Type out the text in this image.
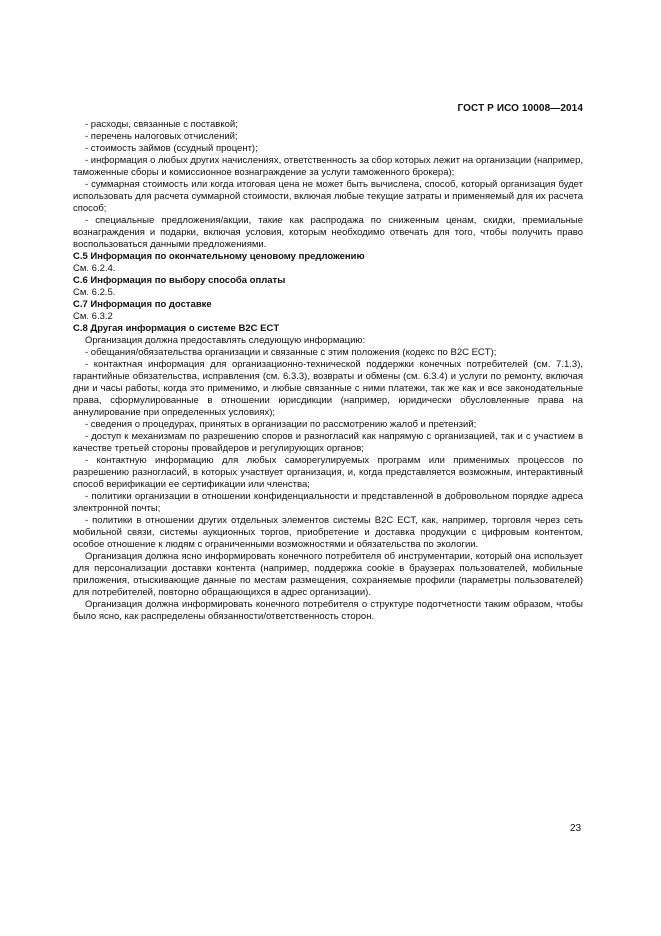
ГОСТ Р ИСО 10008—2014

- расходы, связанные с поставкой;

- перечень налоговых отчислений;

- стоимость займов (ссудный процент);

- информация о любых других начислениях, ответственность за сбор которых лежит на организации (например, таможенные сборы и комиссионное вознаграждение за услуги таможенного брокера);

- суммарная стоимость или когда итоговая цена не может быть вычислена, способ, который организация будет использовать для расчета суммарной стоимости, включая любые текущие затраты и применяемый для их расчета способ;

- специальные предложения/акции, такие как распродажа по сниженным ценам, скидки, премиальные вознаграждения и подарки, включая условия, которым необходимо отвечать для того, чтобы получить право воспользоваться данными предложениями.

С.5 Информация по окончательному ценовому предложению

См. 6.2.4.

С.6 Информация по выбору способа оплаты

См. 6.2.5.

С.7 Информация по доставке

См. 6.3.2

С.8 Другая информация о системе B2C ECT

Организация должна предоставлять следующую информацию:

- обещания/обязательства организации и связанные с этим положения (кодекс по B2C ECT);

- контактная информация для организационно-технической поддержки конечных потребителей (см. 7.1.3), гарантийные обязательства, исправления (см. 6.3.3), возвраты и обмены (см. 6.3.4) и услуги по ремонту, включая дни и часы работы, когда это применимо, и любые связанные с ними платежи, так же как и все законодательные права, сформулированные в отношении юрисдикции (например, юридически обусловленные права на аннулирование при определенных условиях);

- сведения о процедурах, принятых в организации по рассмотрению жалоб и претензий;

- доступ к механизмам по разрешению споров и разногласий как напрямую с организацией, так и с участием в качестве третьей стороны провайдеров и регулирующих органов;

- контактную информацию для любых саморегулируемых программ или применимых процессов по разрешению разногласий, в которых участвует организация, и, когда представляется возможным, интерактивный способ верификации ее сертификации или членства;

- политики организации в отношении конфиденциальности и представленной в добровольном порядке адреса электронной почты;

- политики в отношении других отдельных элементов системы B2C ECT, как, например, торговля через сеть мобильной связи, системы аукционных торгов, приобретение и доставка продукции с цифровым контентом, особое отношение к людям с ограниченными возможностями и обязательства по экологии.

Организация должна ясно информировать конечного потребителя об инструментарии, который она использует для персонализации доставки контента (например, поддержка cookie в браузерах пользователей, мобильные приложения, отыскивающие данные по местам размещения, сохраняемые профили (параметры пользователей) для потребителей, повторно обращающихся в адрес организации).

Организация должна информировать конечного потребителя о структуре подотчетности таким образом, чтобы было ясно, как распределены обязанности/ответственность сторон.

23
